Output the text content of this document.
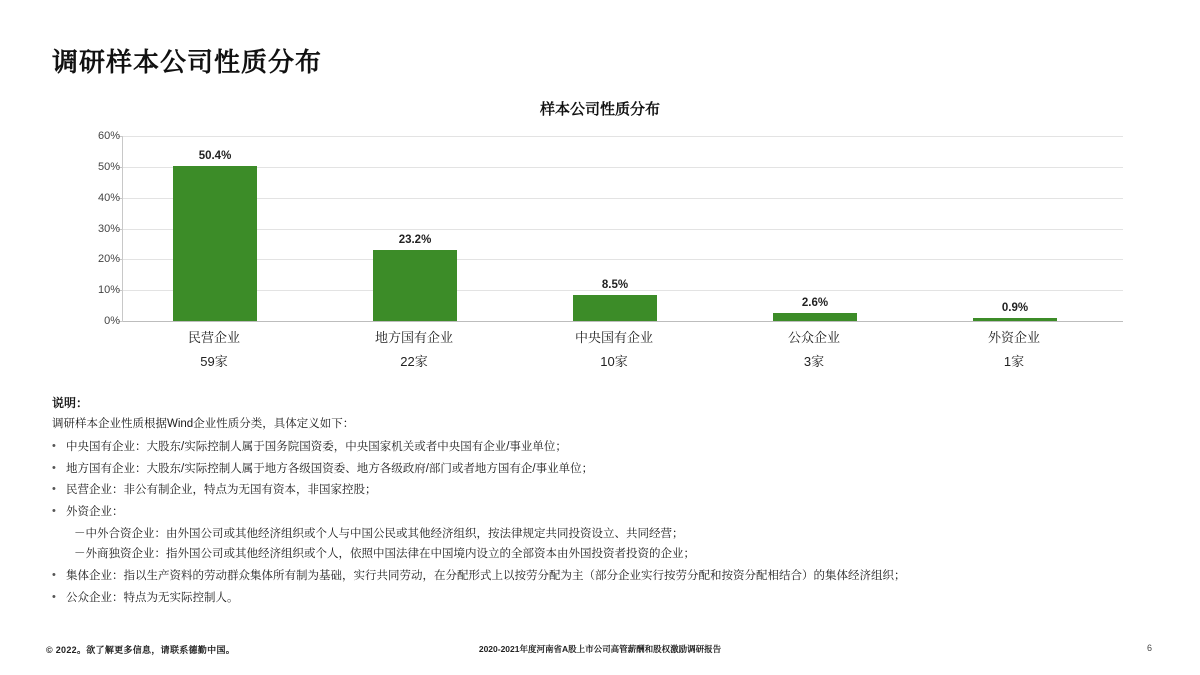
调研样本公司性质分布
样本公司性质分布
60%
50%
40%
30%
20%
10%
0%
50.4%
23.2%
8.5%
2.6%	0.9%
民营企业
59家
地方国有企业
22家
中央国有企业
10家
公众企业
3家
外资企业
1家
说明：

调研样本企业性质根据Wind企业性质分类，具体定义如下：

• 中央国有企业：大股东/实际控制人属于国务院国资委，中央国家机关或者中央国有企业/事业单位；
• 地方国有企业：大股东/实际控制人属于地方各级国资委、地方各级政府/部门或者地方国有企/事业单位；
• 民营企业：非公有制企业，特点为无国有资本，非国家控股；
• 外资企业：
－中外合资企业：由外国公司或其他经济组织或个人与中国公民或其他经济组织，按法律规定共同投资设立、共同经营；
－外商独资企业：指外国公司或其他经济组织或个人，依照中国法律在中国境内设立的全部资本由外国投资者投资的企业；
• 集体企业：指以生产资料的劳动群众集体所有制为基础，实行共同劳动，在分配形式上以按劳分配为主（部分企业实行按劳分配和按资分配相结合）的集体经济组织；
• 公众企业：特点为无实际控制人。
© 2022。欲了解更多信息，请联系德勤中国。	2020-2021年度河南省A股上市公司高管薪酬和股权激励调研报告	6
